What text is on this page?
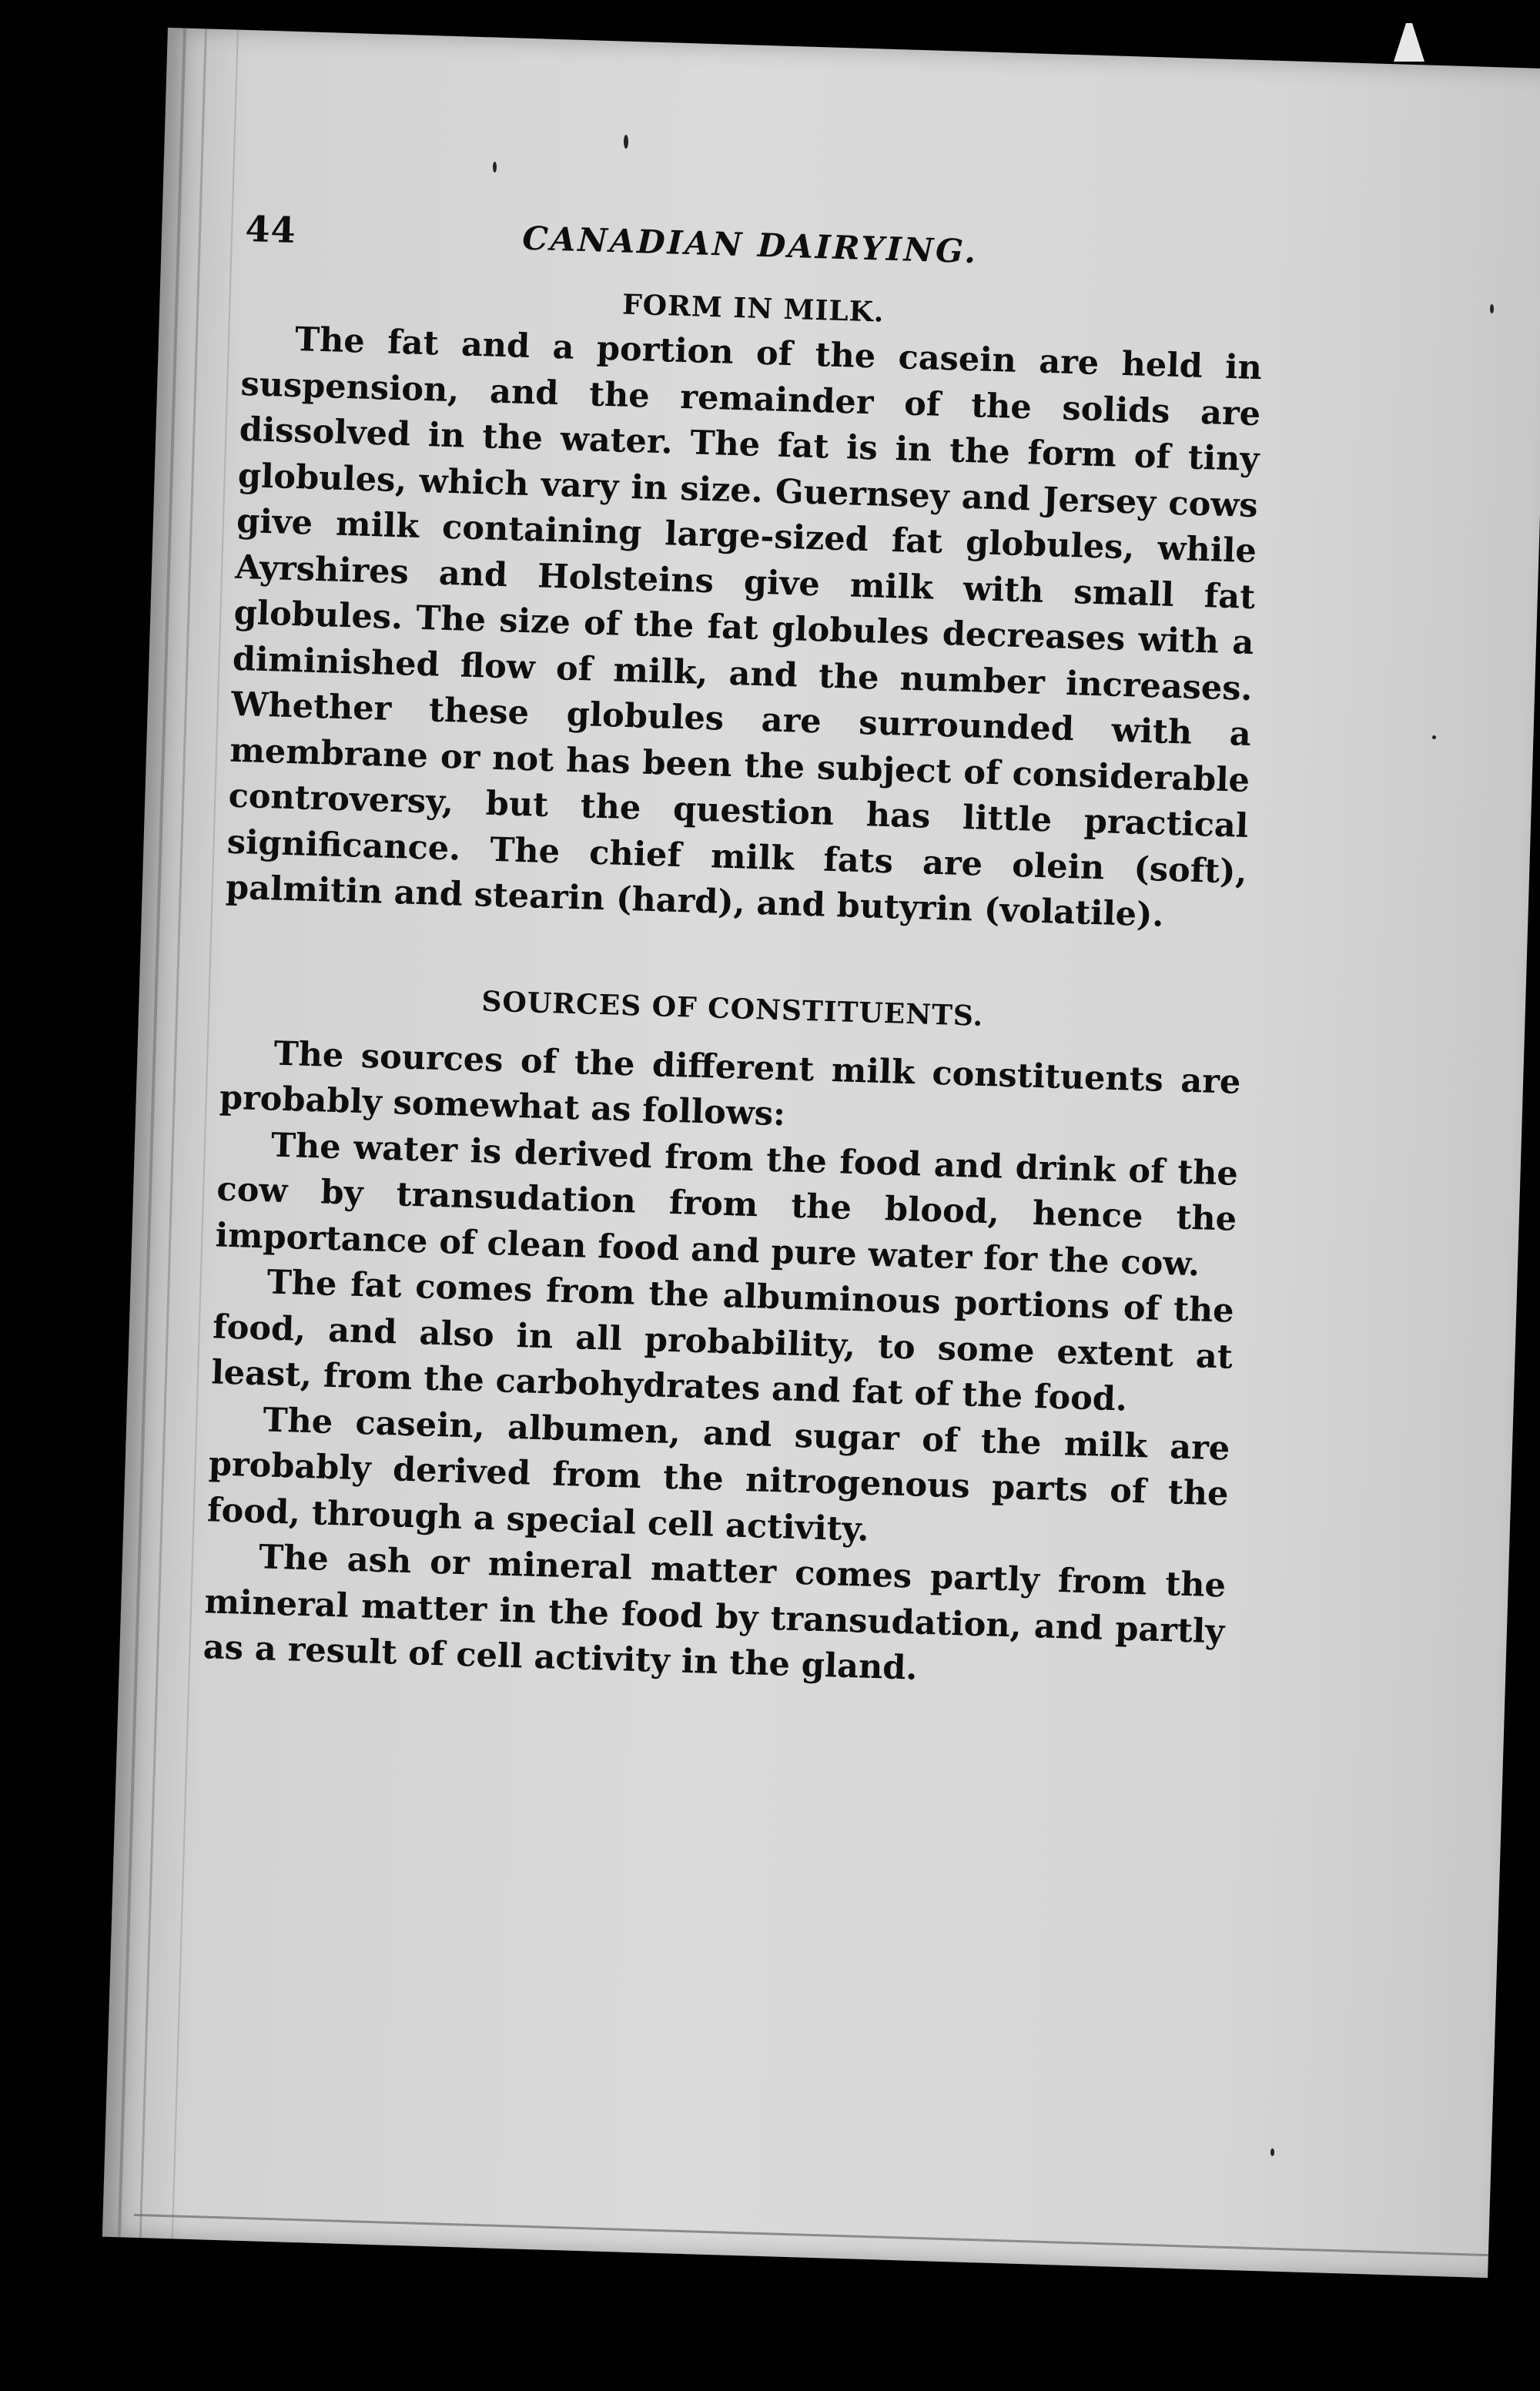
44	CANADIAN DAIRYING.
FORM IN MILK.

The fat and a portion of the casein are held in suspension, and the remainder of the solids are dissolved in the water. The fat is in the form of tiny globules, which vary in size. Guernsey and Jersey cows give milk containing large-sized fat globules, while Ayrshires and Holsteins give milk with small fat globules. The size of the fat globules decreases with a diminished flow of milk, and the number increases. Whether these globules are surrounded with a membrane or not has been the subject of considerable controversy, but the question has little practical significance. The chief milk fats are olein (soft), palmitin and stearin (hard), and butyrin (volatile).

SOURCES OF CONSTITUENTS.

The sources of the different milk constituents are probably somewhat as follows:

The water is derived from the food and drink of the cow by transudation from the blood, hence the importance of clean food and pure water for the cow.

The fat comes from the albuminous portions of the food, and also in all probability, to some extent at least, from the carbohydrates and fat of the food.

The casein, albumen, and sugar of the milk are probably derived from the nitrogenous parts of the food, through a special cell activity.

The ash or mineral matter comes partly from the mineral matter in the food by transudation, and partly as a result of cell activity in the gland.
